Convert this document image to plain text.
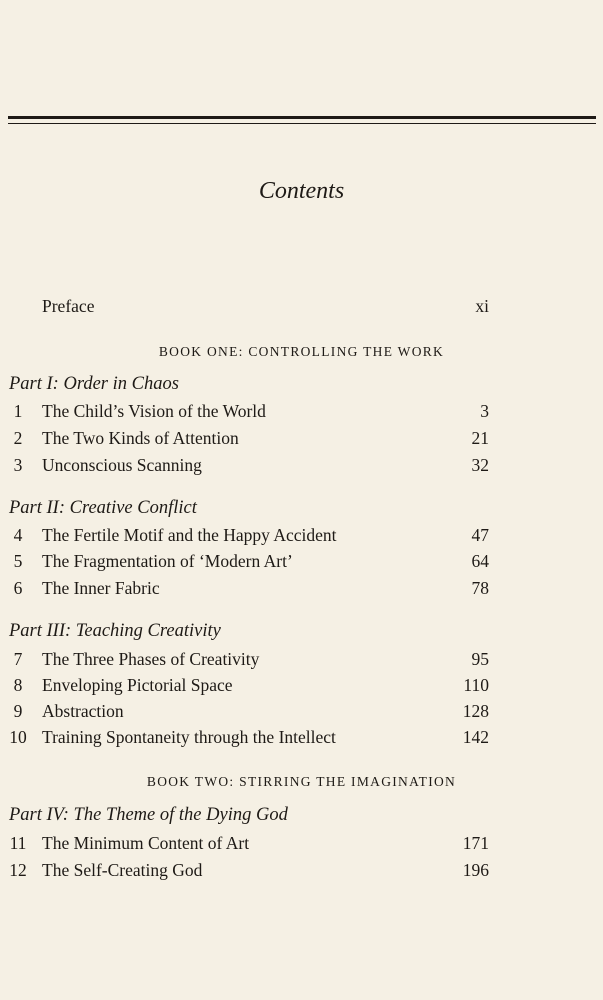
Contents
Preface	xi
BOOK ONE: CONTROLLING THE WORK
Part I: Order in Chaos
1	The Child’s Vision of the World	3
2	The Two Kinds of Attention	21
3	Unconscious Scanning	32
Part II: Creative Conflict
4	The Fertile Motif and the Happy Accident	47
5	The Fragmentation of ‘Modern Art’	64
6	The Inner Fabric	78
Part III: Teaching Creativity
7	The Three Phases of Creativity	95
8	Enveloping Pictorial Space	110
9	Abstraction	128
10 Training Spontaneity through the Intellect	142
BOOK TWO: STIRRING THE IMAGINATION
Part IV: The Theme of the Dying God
11 The Minimum Content of Art	171
12 The Self-Creating God	196
